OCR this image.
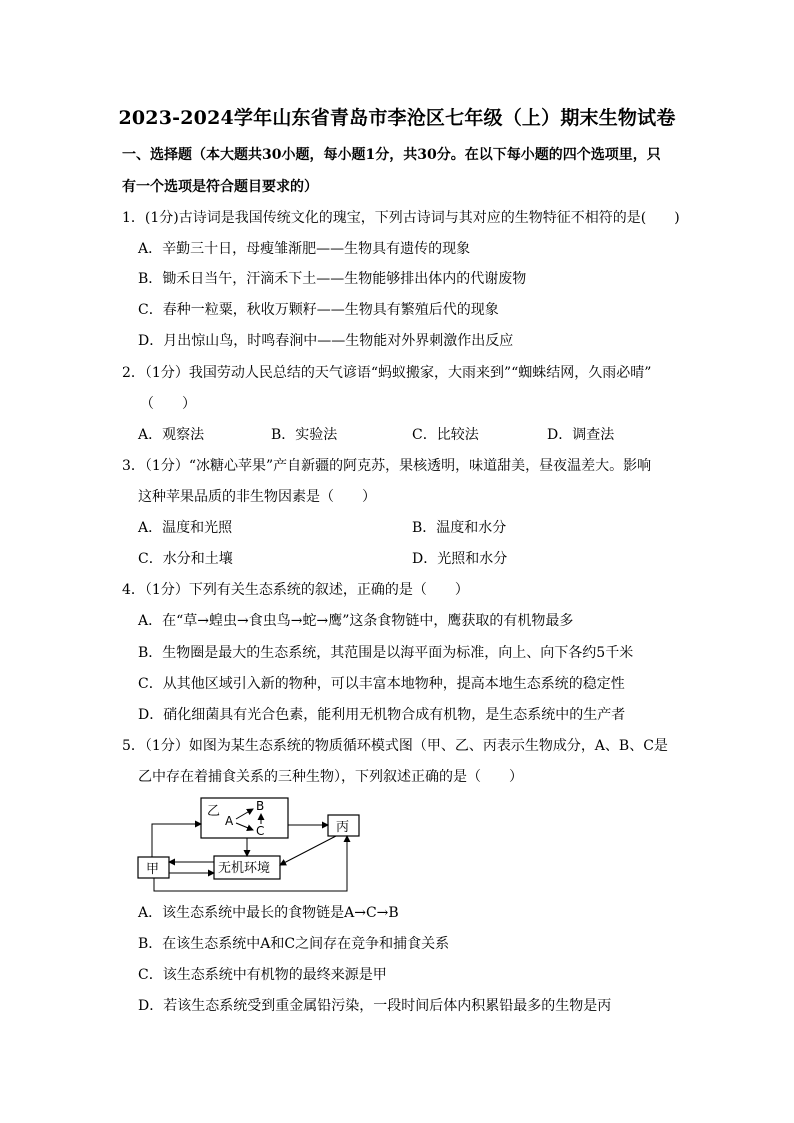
2023-2024学年山东省青岛市李沧区七年级（上）期末生物试卷
一、选择题（本大题共30小题，每小题1分，共30分。在以下每小题的四个选项里，只
有一个选项是符合题目要求的）
1．(1分)古诗词是我国传统文化的瑰宝，下列古诗词与其对应的生物特征不相符的是(　　)
A．辛勤三十日，母瘦雏渐肥——生物具有遗传的现象
B．锄禾日当午，汗滴禾下土——生物能够排出体内的代谢废物
C．春种一粒粟，秋收万颗籽——生物具有繁殖后代的现象
D．月出惊山鸟，时鸣春涧中——生物能对外界刺激作出反应
2．（1分）我国劳动人民总结的天气谚语“蚂蚁搬家，大雨来到”“蜘蛛结网，久雨必晴”
（　　）
A．观察法	B．实验法	C．比较法	D．调查法
3．（1分）“冰糖心苹果”产自新疆的阿克苏，果核透明，味道甜美，昼夜温差大。影响
这种苹果品质的非生物因素是（　　）
A．温度和光照	B．温度和水分
C．水分和土壤	D．光照和水分
4．（1分）下列有关生态系统的叙述，正确的是（　　）
A．在“草→蝗虫→食虫鸟→蛇→鹰”这条食物链中，鹰获取的有机物最多
B．生物圈是最大的生态系统，其范围是以海平面为标准，向上、向下各约5千米
C．从其他区域引入新的物种，可以丰富本地物种，提高本地生态系统的稳定性
D．硝化细菌具有光合色素，能利用无机物合成有机物，是生态系统中的生产者
5．（1分）如图为某生态系统的物质循环模式图（甲、乙、丙表示生物成分，A、B、C是
乙中存在着捕食关系的三种生物），下列叙述正确的是（　　）
乙
A
B
C	丙
甲	无机环境
A．该生态系统中最长的食物链是A→C→B
B．在该生态系统中A和C之间存在竞争和捕食关系
C．该生态系统中有机物的最终来源是甲
D．若该生态系统受到重金属铅污染，一段时间后体内积累铅最多的生物是丙
